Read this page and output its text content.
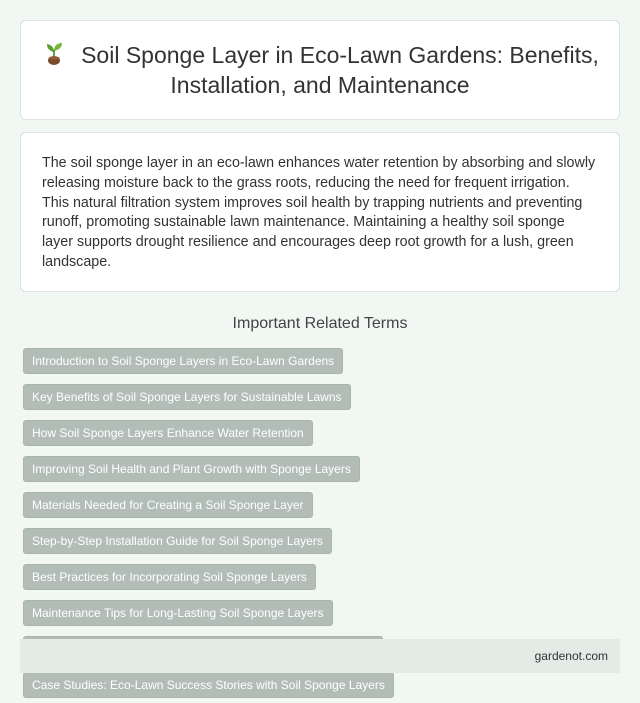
Soil Sponge Layer in Eco-Lawn Gardens: Benefits, Installation, and Maintenance

The soil sponge layer in an eco-lawn enhances water retention by absorbing and slowly releasing moisture back to the grass roots, reducing the need for frequent irrigation. This natural filtration system improves soil health by trapping nutrients and preventing runoff, promoting sustainable lawn maintenance. Maintaining a healthy soil sponge layer supports drought resilience and encourages deep root growth for a lush, green landscape.

Important Related Terms
Introduction to Soil Sponge Layers in Eco-Lawn Gardens
Key Benefits of Soil Sponge Layers for Sustainable Lawns
How Soil Sponge Layers Enhance Water Retention
Improving Soil Health and Plant Growth with Sponge Layers
Materials Needed for Creating a Soil Sponge Layer
Step-by-Step Installation Guide for Soil Sponge Layers
Best Practices for Incorporating Soil Sponge Layers
Maintenance Tips for Long-Lasting Soil Sponge Layers
Case Studies: Eco-Lawn Success Stories with Soil Sponge Layers
gardenot.com
